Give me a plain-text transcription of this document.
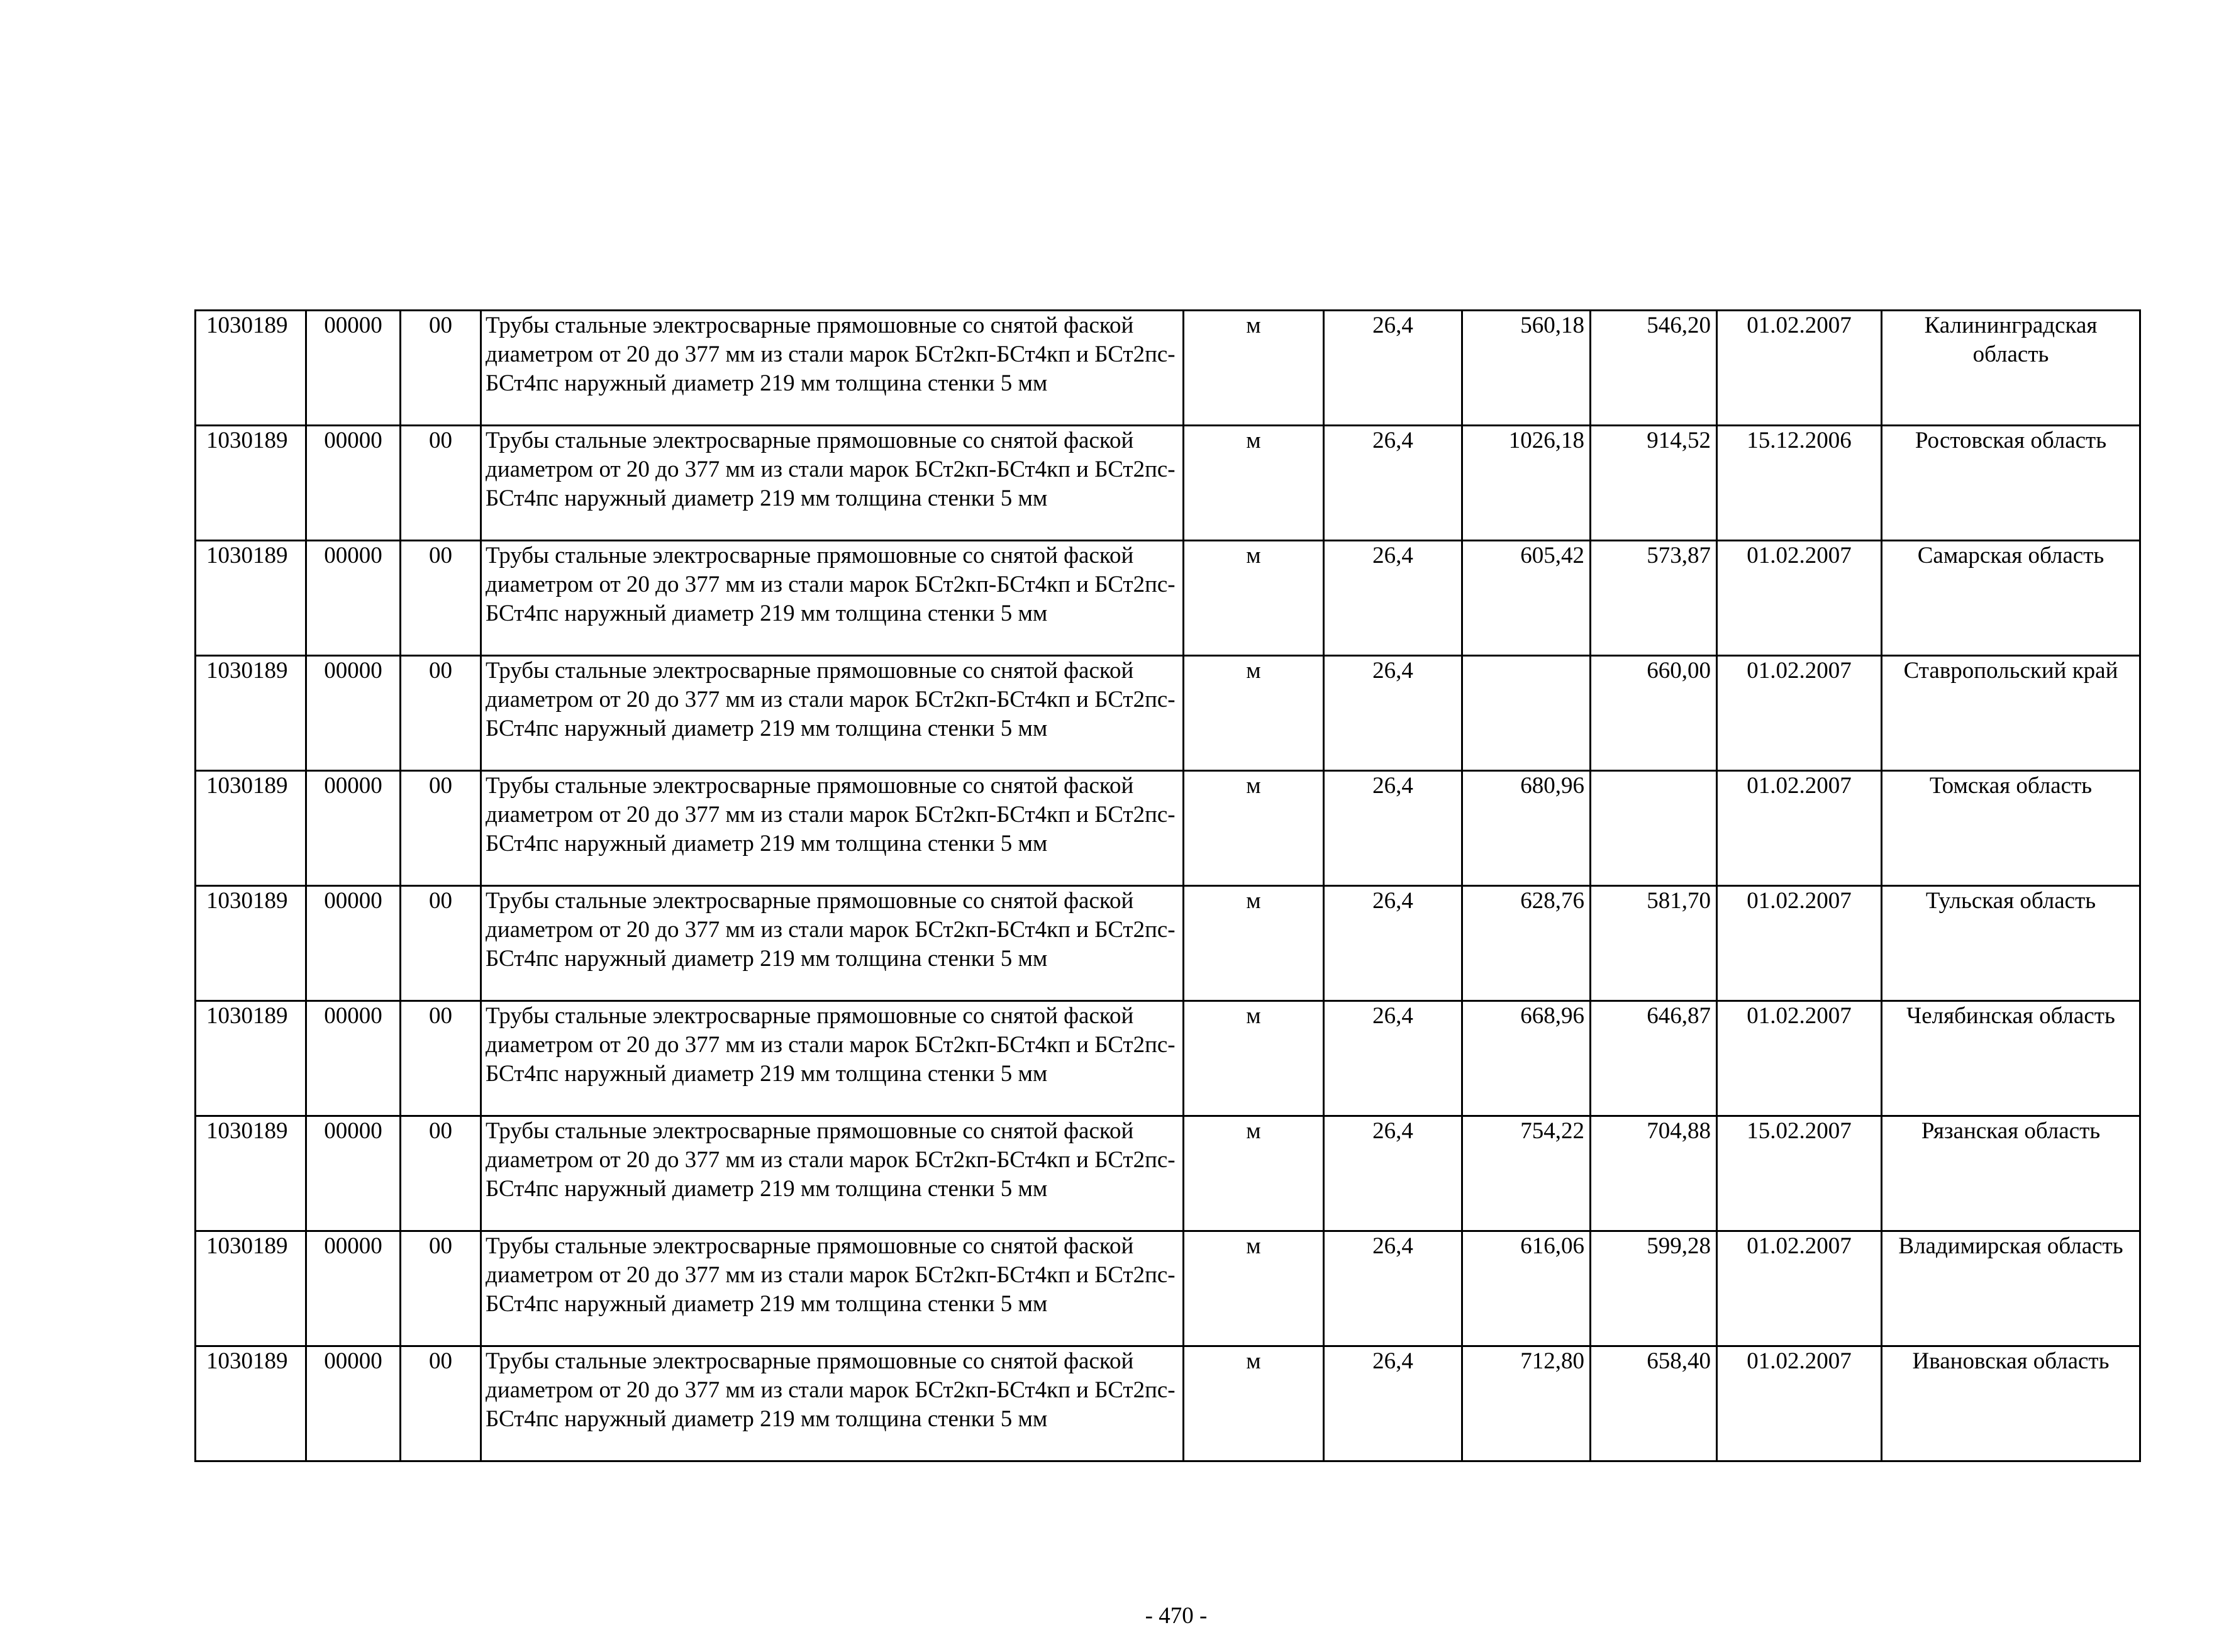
1030189	00000	00	Трубы стальные электросварные прямошовные со снятой фаской диаметром от 20 до 377 мм из стали марок БСт2кп-БСт4кп и БСт2пс-БСт4пс наружный диаметр 219 мм толщина стенки 5 мм	м	26,4	560,18	546,20	01.02.2007	Калининградская область

1030189	00000	00	Трубы стальные электросварные прямошовные со снятой фаской диаметром от 20 до 377 мм из стали марок БСт2кп-БСт4кп и БСт2пс-БСт4пс наружный диаметр 219 мм толщина стенки 5 мм	м	26,4	1026,18	914,52	15.12.2006	Ростовская область

1030189	00000	00	Трубы стальные электросварные прямошовные со снятой фаской диаметром от 20 до 377 мм из стали марок БСт2кп-БСт4кп и БСт2пс-БСт4пс наружный диаметр 219 мм толщина стенки 5 мм	м	26,4	605,42	573,87	01.02.2007	Самарская область

1030189	00000	00	Трубы стальные электросварные прямошовные со снятой фаской диаметром от 20 до 377 мм из стали марок БСт2кп-БСт4кп и БСт2пс-БСт4пс наружный диаметр 219 мм толщина стенки 5 мм	м	26,4		660,00	01.02.2007	Ставропольский край

1030189	00000	00	Трубы стальные электросварные прямошовные со снятой фаской диаметром от 20 до 377 мм из стали марок БСт2кп-БСт4кп и БСт2пс-БСт4пс наружный диаметр 219 мм толщина стенки 5 мм	м	26,4	680,96		01.02.2007	Томская область

1030189	00000	00	Трубы стальные электросварные прямошовные со снятой фаской диаметром от 20 до 377 мм из стали марок БСт2кп-БСт4кп и БСт2пс-БСт4пс наружный диаметр 219 мм толщина стенки 5 мм	м	26,4	628,76	581,70	01.02.2007	Тульская область

1030189	00000	00	Трубы стальные электросварные прямошовные со снятой фаской диаметром от 20 до 377 мм из стали марок БСт2кп-БСт4кп и БСт2пс-БСт4пс наружный диаметр 219 мм толщина стенки 5 мм	м	26,4	668,96	646,87	01.02.2007	Челябинская область

1030189	00000	00	Трубы стальные электросварные прямошовные со снятой фаской диаметром от 20 до 377 мм из стали марок БСт2кп-БСт4кп и БСт2пс-БСт4пс наружный диаметр 219 мм толщина стенки 5 мм	м	26,4	754,22	704,88	15.02.2007	Рязанская область

1030189	00000	00	Трубы стальные электросварные прямошовные со снятой фаской диаметром от 20 до 377 мм из стали марок БСт2кп-БСт4кп и БСт2пс-БСт4пс наружный диаметр 219 мм толщина стенки 5 мм	м	26,4	616,06	599,28	01.02.2007	Владимирская область

1030189	00000	00	Трубы стальные электросварные прямошовные со снятой фаской диаметром от 20 до 377 мм из стали марок БСт2кп-БСт4кп и БСт2пс-БСт4пс наружный диаметр 219 мм толщина стенки 5 мм	м	26,4	712,80	658,40	01.02.2007	Ивановская область
- 470 -
